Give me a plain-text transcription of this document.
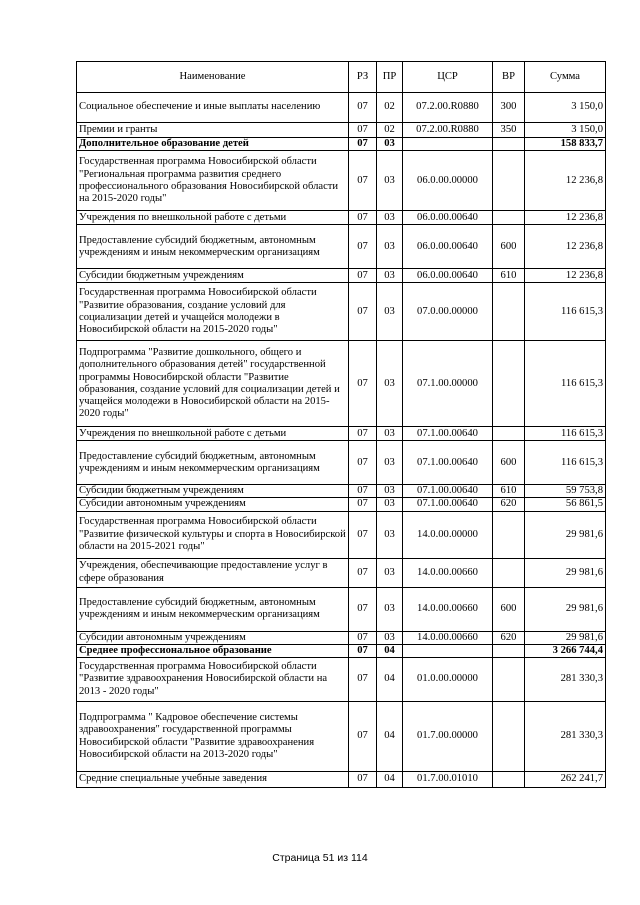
Наименование	РЗ	ПР	ЦСР	ВР	Сумма
Социальное обеспечение и иные выплаты населению	07	02	07.2.00.R0880	300	3 150,0
Премии и гранты	07	02	07.2.00.R0880	350	3 150,0
Дополнительное образование детей	07	03			158 833,7
Государственная программа Новосибирской области "Региональная программа развития среднего профессионального образования Новосибирской области на 2015-2020 годы"	07	03	06.0.00.00000		12 236,8
Учреждения по внешкольной работе с детьми	07	03	06.0.00.00640		12 236,8
Предоставление субсидий бюджетным, автономным учреждениям и иным некоммерческим организациям	07	03	06.0.00.00640	600	12 236,8
Субсидии бюджетным учреждениям	07	03	06.0.00.00640	610	12 236,8
Государственная программа Новосибирской области "Развитие образования, создание условий для социализации детей и учащейся молодежи в Новосибирской области на 2015-2020 годы"	07	03	07.0.00.00000		116 615,3
Подпрограмма "Развитие дошкольного, общего и дополнительного образования детей" государственной программы Новосибирской области "Развитие образования, создание условий для социализации детей и учащейся молодежи в Новосибирской области на 2015-2020 годы"	07	03	07.1.00.00000		116 615,3
Учреждения по внешкольной работе с детьми	07	03	07.1.00.00640		116 615,3
Предоставление субсидий бюджетным, автономным учреждениям и иным некоммерческим организациям	07	03	07.1.00.00640	600	116 615,3
Субсидии бюджетным учреждениям	07	03	07.1.00.00640	610	59 753,8
Субсидии автономным учреждениям	07	03	07.1.00.00640	620	56 861,5
Государственная программа Новосибирской области "Развитие физической культуры и спорта в Новосибирской области на 2015-2021 годы"	07	03	14.0.00.00000		29 981,6
Учреждения, обеспечивающие предоставление услуг в сфере образования	07	03	14.0.00.00660		29 981,6
Предоставление субсидий бюджетным, автономным учреждениям и иным некоммерческим организациям	07	03	14.0.00.00660	600	29 981,6
Субсидии автономным учреждениям	07	03	14.0.00.00660	620	29 981,6
Среднее профессиональное образование	07	04			3 266 744,4
Государственная программа Новосибирской области "Развитие здравоохранения Новосибирской области на 2013 - 2020 годы"	07	04	01.0.00.00000		281 330,3
Подпрограмма " Кадровое обеспечение системы здравоохранения" государственной программы Новосибирской области "Развитие здравоохранения Новосибирской области на 2013-2020 годы"	07	04	01.7.00.00000		281 330,3
Средние специальные учебные заведения	07	04	01.7.00.01010		262 241,7
Страница 51 из 114
